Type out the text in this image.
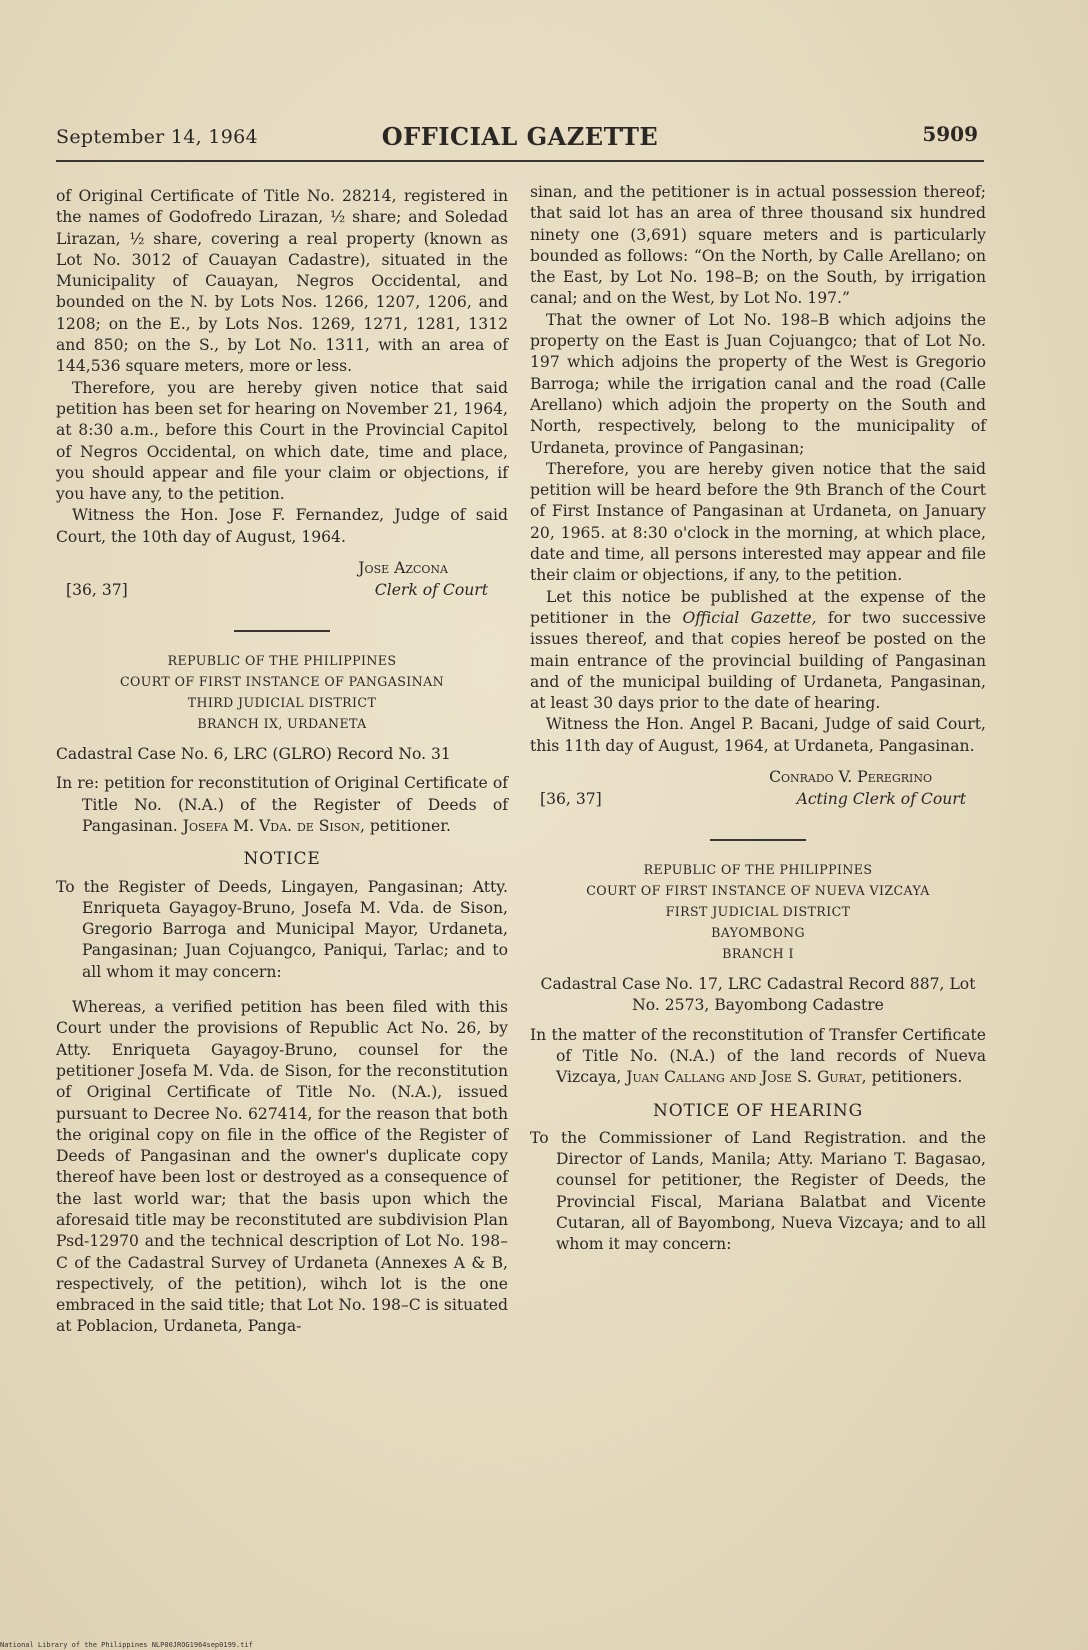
September 14, 1964	OFFICIAL GAZETTE	5909

of Original Certificate of Title No. 28214, registered in the names of Godofredo Lirazan, ½ share; and Soledad Lirazan, ½ share, covering a real property (known as Lot No. 3012 of Cauayan Cadastre), situated in the Municipality of Cauayan, Negros Occidental, and bounded on the N. by Lots Nos. 1266, 1207, 1206, and 1208; on the E., by Lots Nos. 1269, 1271, 1281, 1312 and 850; on the S., by Lot No. 1311, with an area of 144,536 square meters, more or less.

Therefore, you are hereby given notice that said petition has been set for hearing on November 21, 1964, at 8:30 a.m., before this Court in the Provincial Capitol of Negros Occidental, on which date, time and place, you should appear and file your claim or objections, if you have any, to the petition.

Witness the Hon. Jose F. Fernandez, Judge of said Court, the 10th day of August, 1964.

Jose Azcona
[36, 37]	Clerk of Court
REPUBLIC OF THE PHILIPPINES
COURT OF FIRST INSTANCE OF PANGASINAN
THIRD JUDICIAL DISTRICT
BRANCH IX, URDANETA
Cadastral Case No. 6, LRC (GLRO) Record No. 31
In re: petition for reconstitution of Original Certificate of Title No. (N.A.) of the Register of Deeds of Pangasinan. Josefa M. Vda. de Sison, petitioner.
NOTICE
To the Register of Deeds, Lingayen, Pangasinan; Atty. Enriqueta Gayagoy-Bruno, Josefa M. Vda. de Sison, Gregorio Barroga and Municipal Mayor, Urdaneta, Pangasinan; Juan Cojuangco, Paniqui, Tarlac; and to all whom it may concern:

Whereas, a verified petition has been filed with this Court under the provisions of Republic Act No. 26, by Atty. Enriqueta Gayagoy-Bruno, counsel for the petitioner Josefa M. Vda. de Sison, for the reconstitution of Original Certificate of Title No. (N.A.), issued pursuant to Decree No. 627414, for the reason that both the original copy on file in the office of the Register of Deeds of Pangasinan and the owner's duplicate copy thereof have been lost or destroyed as a consequence of the last world war; that the basis upon which the aforesaid title may be reconstituted are subdivision Plan Psd-12970 and the technical description of Lot No. 198–C of the Cadastral Survey of Urdaneta (Annexes A & B, respectively, of the petition), wihch lot is the one embraced in the said title; that Lot No. 198–C is situated at Poblacion, Urdaneta, Panga-

sinan, and the petitioner is in actual possession thereof; that said lot has an area of three thousand six hundred ninety one (3,691) square meters and is particularly bounded as follows: “On the North, by Calle Arellano; on the East, by Lot No. 198–B; on the South, by irrigation canal; and on the West, by Lot No. 197.”

That the owner of Lot No. 198–B which adjoins the property on the East is Juan Cojuangco; that of Lot No. 197 which adjoins the property of the West is Gregorio Barroga; while the irrigation canal and the road (Calle Arellano) which adjoin the property on the South and North, respectively, belong to the municipality of Urdaneta, province of Pangasinan;

Therefore, you are hereby given notice that the said petition will be heard before the 9th Branch of the Court of First Instance of Pangasinan at Urdaneta, on January 20, 1965. at 8:30 o'clock in the morning, at which place, date and time, all persons interested may appear and file their claim or objections, if any, to the petition.

Let this notice be published at the expense of the petitioner in the Official Gazette, for two successive issues thereof, and that copies hereof be posted on the main entrance of the provincial building of Pangasinan and of the municipal building of Urdaneta, Pangasinan, at least 30 days prior to the date of hearing.

Witness the Hon. Angel P. Bacani, Judge of said Court, this 11th day of August, 1964, at Urdaneta, Pangasinan.

Conrado V. Peregrino
[36, 37]	Acting Clerk of Court
REPUBLIC OF THE PHILIPPINES
COURT OF FIRST INSTANCE OF NUEVA VIZCAYA
FIRST JUDICIAL DISTRICT
BAYOMBONG
BRANCH I
Cadastral Case No. 17, LRC Cadastral Record 887, Lot No. 2573, Bayombong Cadastre
In the matter of the reconstitution of Transfer Certificate of Title No. (N.A.) of the land records of Nueva Vizcaya, Juan Callang and Jose S. Gurat, petitioners.
NOTICE OF HEARING
To the Commissioner of Land Registration. and the Director of Lands, Manila; Atty. Mariano T. Bagasao, counsel for petitioner, the Register of Deeds, the Provincial Fiscal, Mariana Balatbat and Vicente Cutaran, all of Bayombong, Nueva Vizcaya; and to all whom it may concern:
National Library of the Philippines NLP00JROG1964sep0199.tif
